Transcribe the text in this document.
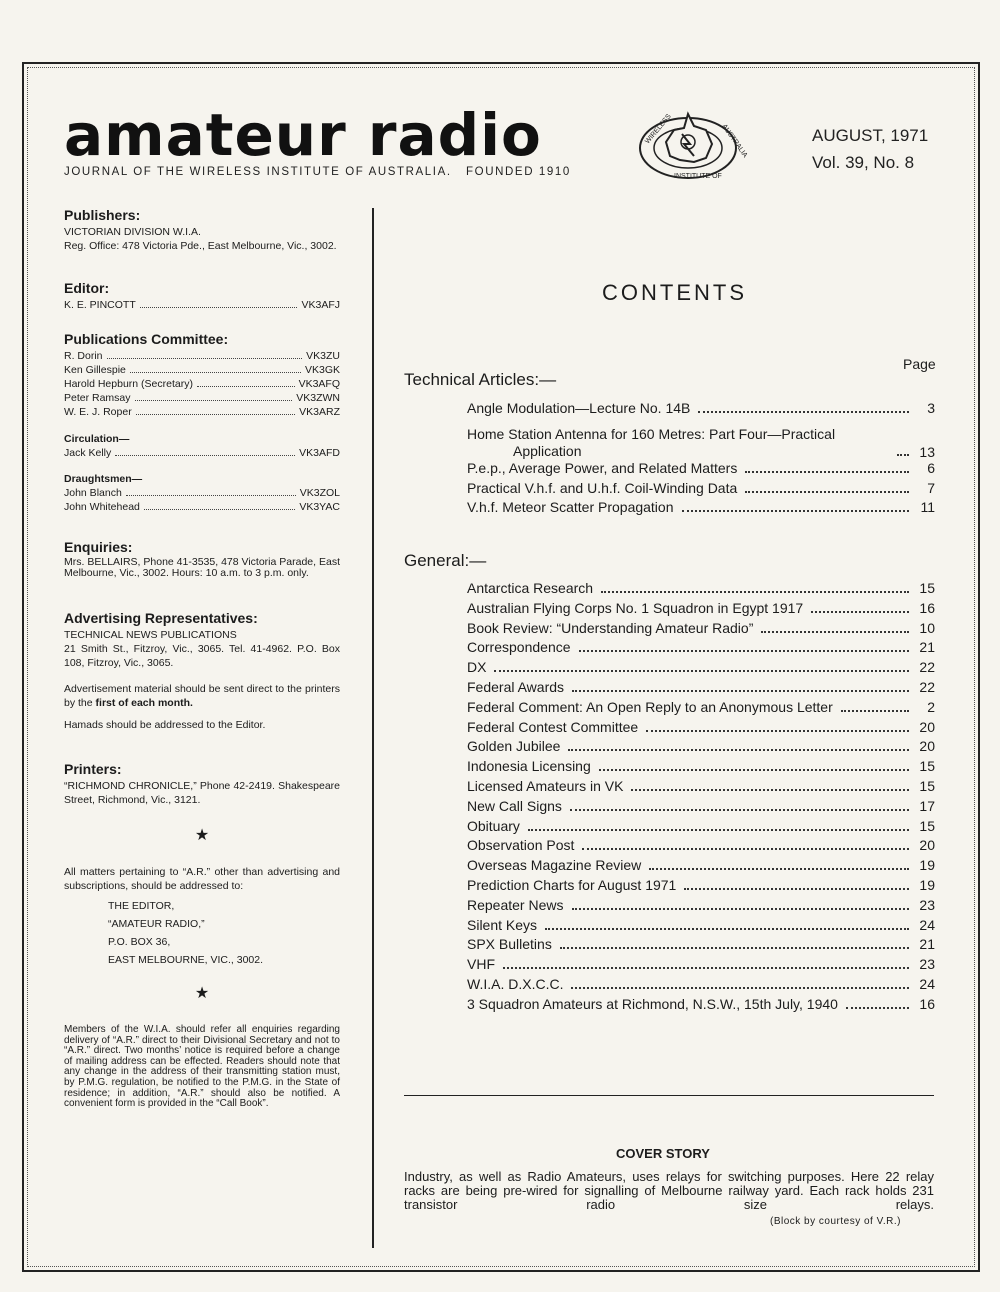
amateur radio
JOURNAL OF THE WIRELESS INSTITUTE OF AUSTRALIA.   FOUNDED 1910
WIRELESS
INSTITUTE OF
AUSTRALIA	AUGUST, 1971
Vol. 39, No. 8
Publishers:
VICTORIAN DIVISION W.I.A.
Reg. Office: 478 Victoria Pde., East Melbourne, Vic., 3002.
Editor:
K. E. PINCOTT	VK3AFJ
Publications Committee:
R. Dorin	VK3ZU
Ken Gillespie	VK3GK
Harold Hepburn (Secretary)	VK3AFQ
Peter Ramsay	VK3ZWN
W. E. J. Roper	VK3ARZ
Circulation—
Jack Kelly	VK3AFD
Draughtsmen—
John Blanch	VK3ZOL
John Whitehead	VK3YAC
Enquiries:
Mrs. BELLAIRS, Phone 41-3535, 478 Victoria Parade, East Melbourne, Vic., 3002. Hours: 10 a.m. to 3 p.m. only.
Advertising Representatives:
TECHNICAL NEWS PUBLICATIONS
21 Smith St., Fitzroy, Vic., 3065. Tel. 41-4962. P.O. Box 108, Fitzroy, Vic., 3065.
Advertisement material should be sent direct to the printers by the first of each month.
Hamads should be addressed to the Editor.
Printers:
“RICHMOND CHRONICLE,” Phone 42-2419. Shakespeare Street, Richmond, Vic., 3121.
★
All matters pertaining to “A.R.” other than advertising and subscriptions, should be addressed to:
THE EDITOR,
“AMATEUR RADIO,”
P.O. BOX 36,
EAST MELBOURNE, VIC., 3002.
★
Members of the W.I.A. should refer all enquiries regarding delivery of “A.R.” direct to their Divisional Secretary and not to “A.R.” direct. Two months’ notice is required before a change of mailing address can be effected. Readers should note that any change in the address of their transmitting station must, by P.M.G. regulation, be notified to the P.M.G. in the State of residence; in addition, “A.R.” should also be notified. A convenient form is provided in the “Call Book”.
CONTENTS
Page
Technical Articles:—
Angle Modulation—Lecture No. 14B	3
Home Station Antenna for 160 Metres: Part Four—Practical
Application	13
P.e.p., Average Power, and Related Matters	6
Practical V.h.f. and U.h.f. Coil-Winding Data	7
V.h.f. Meteor Scatter Propagation	11
General:—
Antarctica Research	15
Australian Flying Corps No. 1 Squadron in Egypt 1917	16
Book Review: “Understanding Amateur Radio”	10
Correspondence	21
DX	22
Federal Awards	22
Federal Comment: An Open Reply to an Anonymous Letter	2
Federal Contest Committee	20
Golden Jubilee	20
Indonesia Licensing	15
Licensed Amateurs in VK	15
New Call Signs	17
Obituary	15
Observation Post	20
Overseas Magazine Review	19
Prediction Charts for August 1971	19
Repeater News	23
Silent Keys	24
SPX Bulletins	21
VHF	23
W.I.A. D.X.C.C.	24
3 Squadron Amateurs at Richmond, N.S.W., 15th July, 1940	16
COVER STORY
Industry, as well as Radio Amateurs, uses relays for switching purposes. Here 22 relay racks are being pre-wired for signalling of Melbourne railway yard. Each rack holds 231 transistor radio size relays.
(Block by courtesy of V.R.)
